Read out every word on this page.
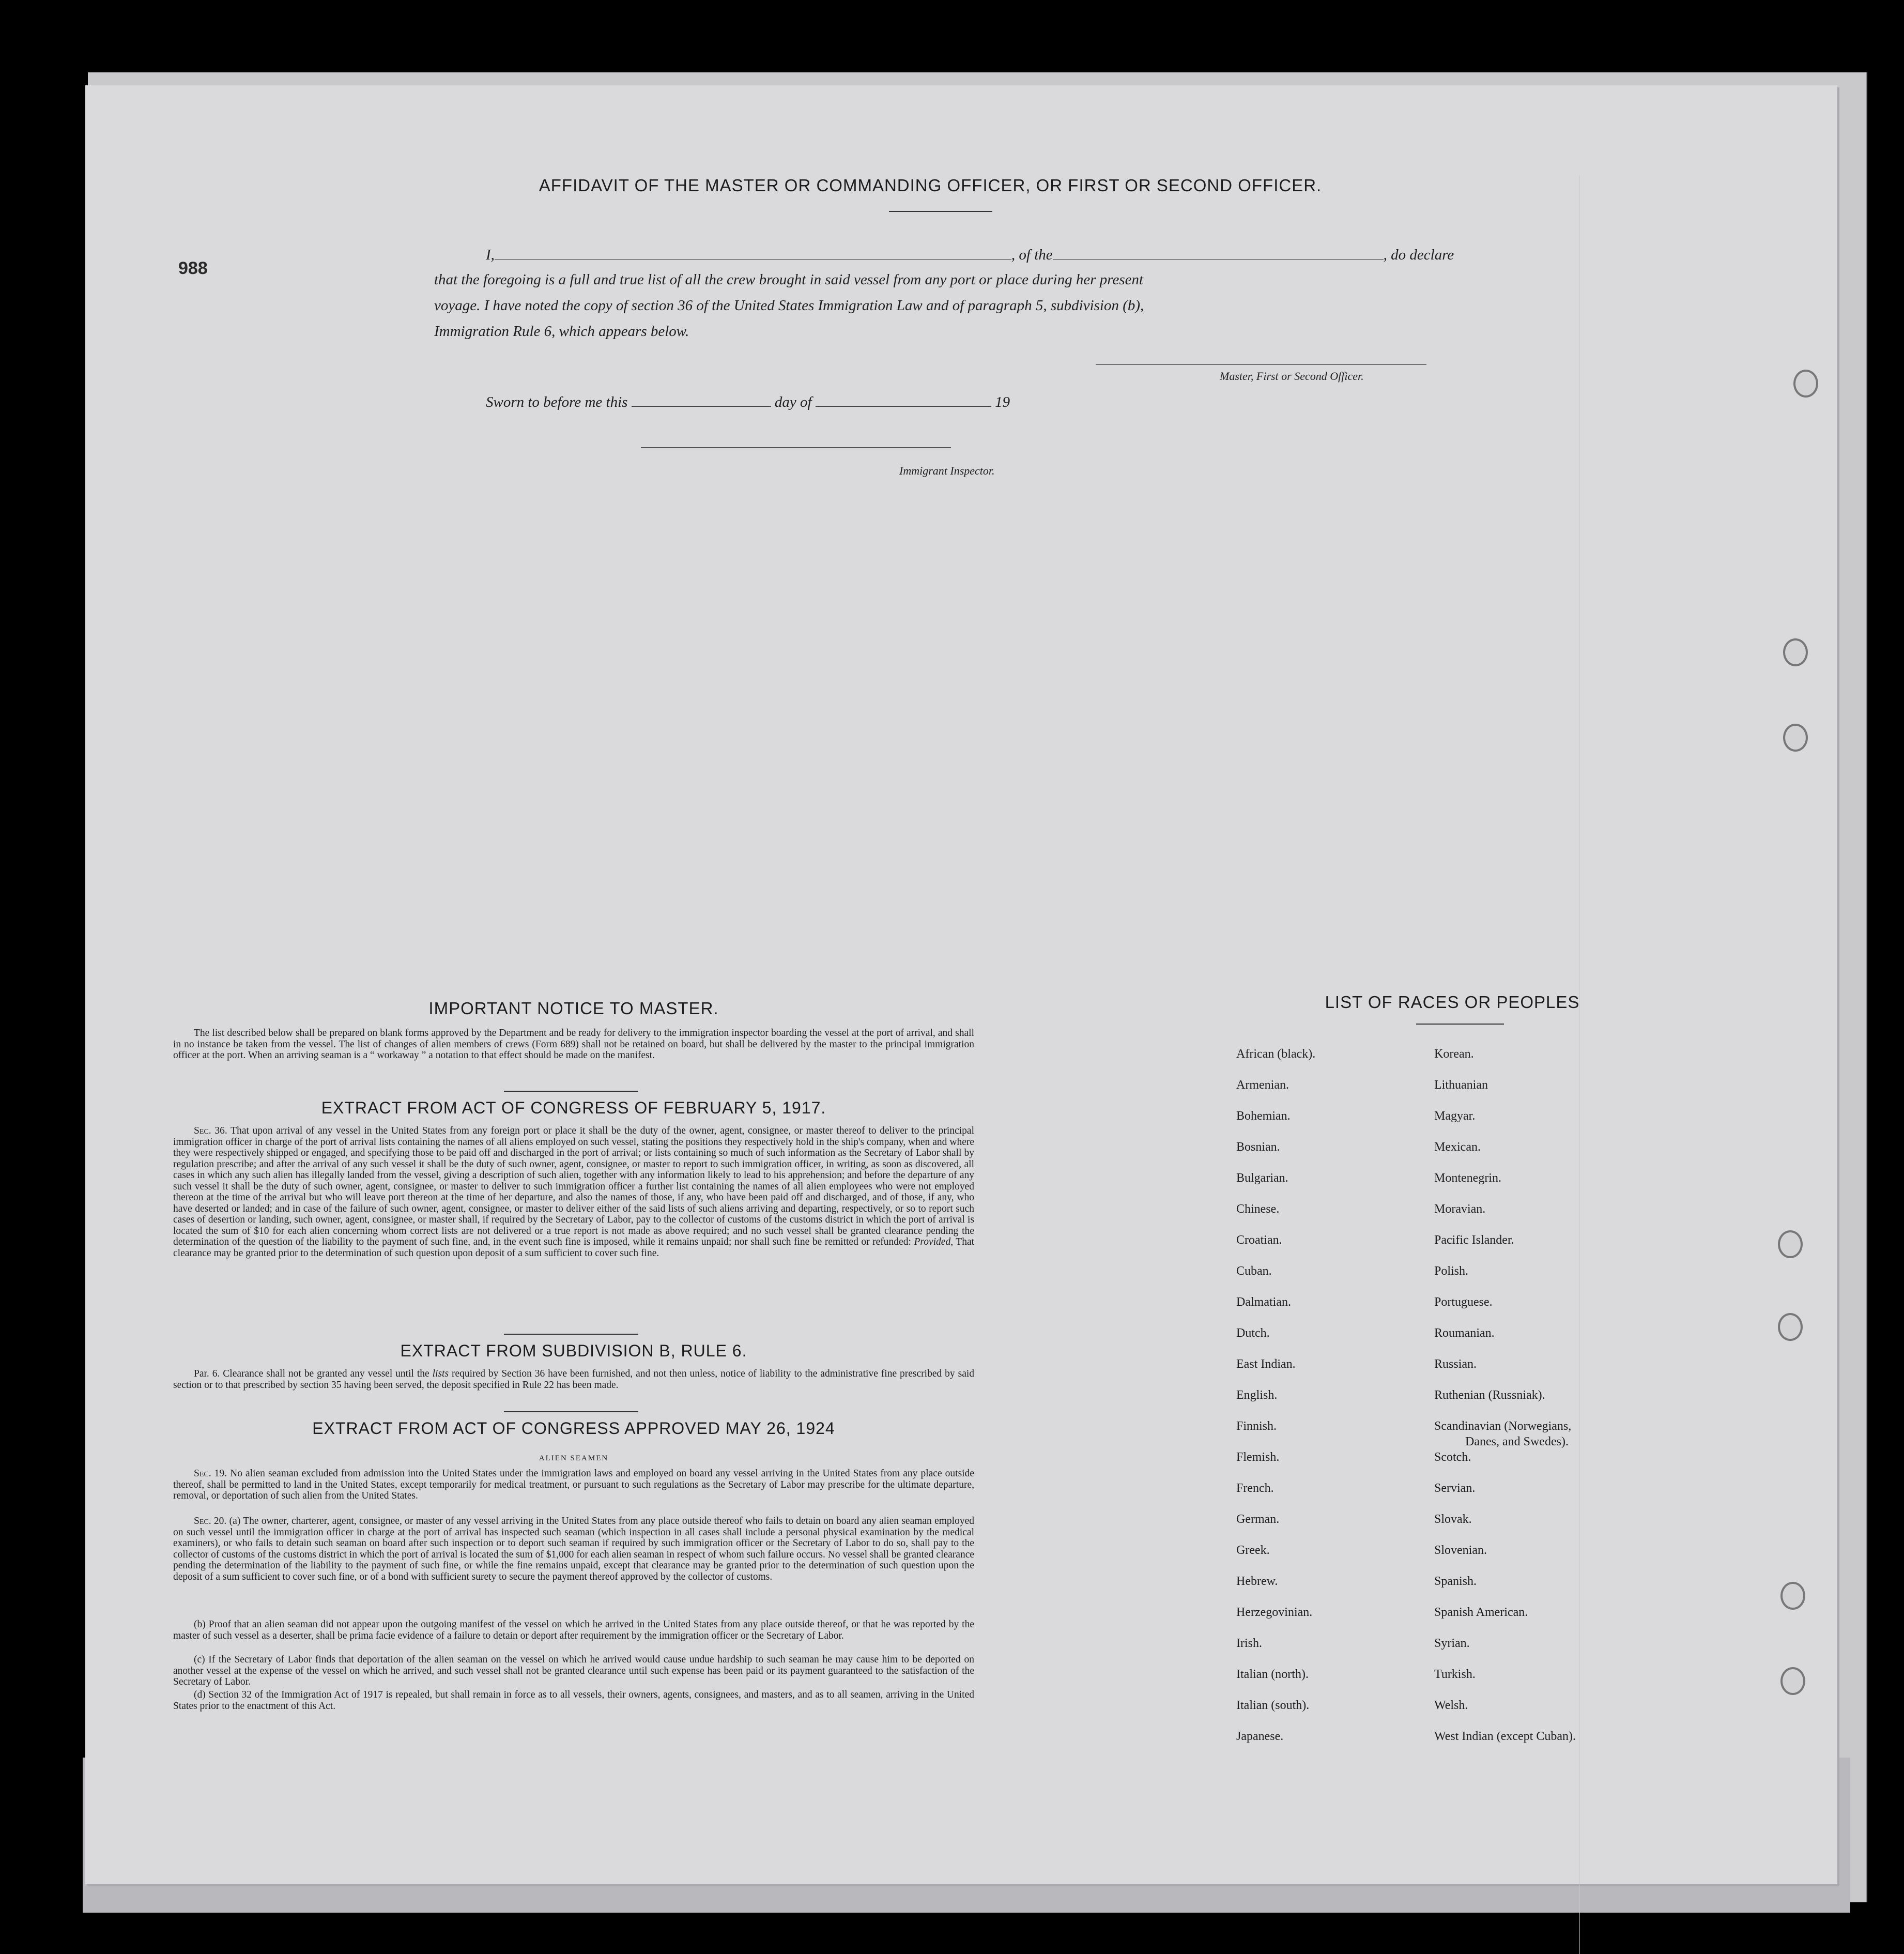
988
AFFIDAVIT OF THE MASTER OR COMMANDING OFFICER, OR FIRST OR SECOND OFFICER.
I,	, of the	, do declare
that the foregoing is a full and true list of all the crew brought in said vessel from any port or place during her present
voyage. I have noted the copy of section 36 of the United States Immigration Law and of paragraph 5, subdivision (b),
Immigration Rule 6, which appears below.
Master, First or Second Officer.
Sworn to before me this	day of	19
Immigrant Inspector.
IMPORTANT NOTICE TO MASTER.

The list described below shall be prepared on blank forms approved by the Department and be ready for delivery to the immigration inspector boarding the vessel at the port of arrival, and shall in no instance be taken from the vessel. The list of changes of alien members of crews (Form 689) shall not be retained on board, but shall be delivered by the master to the principal immigration officer at the port. When an arriving seaman is a “ workaway ” a notation to that effect should be made on the manifest.

EXTRACT FROM ACT OF CONGRESS OF FEBRUARY 5, 1917.

Sec. 36. That upon arrival of any vessel in the United States from any foreign port or place it shall be the duty of the owner, agent, consignee, or master thereof to deliver to the principal immigration officer in charge of the port of arrival lists containing the names of all aliens employed on such vessel, stating the positions they respectively hold in the ship's company, when and where they were respectively shipped or engaged, and specifying those to be paid off and discharged in the port of arrival; or lists containing so much of such information as the Secretary of Labor shall by regulation prescribe; and after the arrival of any such vessel it shall be the duty of such owner, agent, consignee, or master to report to such immigration officer, in writing, as soon as discovered, all cases in which any such alien has illegally landed from the vessel, giving a description of such alien, together with any information likely to lead to his apprehension; and before the departure of any such vessel it shall be the duty of such owner, agent, consignee, or master to deliver to such immigration officer a further list containing the names of all alien employees who were not employed thereon at the time of the arrival but who will leave port thereon at the time of her departure, and also the names of those, if any, who have been paid off and discharged, and of those, if any, who have deserted or landed; and in case of the failure of such owner, agent, consignee, or master to deliver either of the said lists of such aliens arriving and departing, respectively, or so to report such cases of desertion or landing, such owner, agent, consignee, or master shall, if required by the Secretary of Labor, pay to the collector of customs of the customs district in which the port of arrival is located the sum of $10 for each alien concerning whom correct lists are not delivered or a true report is not made as above required; and no such vessel shall be granted clearance pending the determination of the question of the liability to the payment of such fine, and, in the event such fine is imposed, while it remains unpaid; nor shall such fine be remitted or refunded: Provided, That clearance may be granted prior to the determination of such question upon deposit of a sum sufficient to cover such fine.

EXTRACT FROM SUBDIVISION B, RULE 6.

Par. 6. Clearance shall not be granted any vessel until the lists required by Section 36 have been furnished, and not then unless, notice of liability to the administrative fine prescribed by said section or to that prescribed by section 35 having been served, the deposit specified in Rule 22 has been made.

EXTRACT FROM ACT OF CONGRESS APPROVED MAY 26, 1924
ALIEN SEAMEN

Sec. 19. No alien seaman excluded from admission into the United States under the immigration laws and employed on board any vessel arriving in the United States from any place outside thereof, shall be permitted to land in the United States, except temporarily for medical treatment, or pursuant to such regulations as the Secretary of Labor may prescribe for the ultimate departure, removal, or deportation of such alien from the United States.

Sec. 20. (a) The owner, charterer, agent, consignee, or master of any vessel arriving in the United States from any place outside thereof who fails to detain on board any alien seaman employed on such vessel until the immigration officer in charge at the port of arrival has inspected such seaman (which inspection in all cases shall include a personal physical examination by the medical examiners), or who fails to detain such seaman on board after such inspection or to deport such seaman if required by such immigration officer or the Secretary of Labor to do so, shall pay to the collector of customs of the customs district in which the port of arrival is located the sum of $1,000 for each alien seaman in respect of whom such failure occurs. No vessel shall be granted clearance pending the determination of the liability to the payment of such fine, or while the fine remains unpaid, except that clearance may be granted prior to the determination of such question upon the deposit of a sum sufficient to cover such fine, or of a bond with sufficient surety to secure the payment thereof approved by the collector of customs.

(b) Proof that an alien seaman did not appear upon the outgoing manifest of the vessel on which he arrived in the United States from any place outside thereof, or that he was reported by the master of such vessel as a deserter, shall be prima facie evidence of a failure to detain or deport after requirement by the immigration officer or the Secretary of Labor.

(c) If the Secretary of Labor finds that deportation of the alien seaman on the vessel on which he arrived would cause undue hardship to such seaman he may cause him to be deported on another vessel at the expense of the vessel on which he arrived, and such vessel shall not be granted clearance until such expense has been paid or its payment guaranteed to the satisfaction of the Secretary of Labor.

(d) Section 32 of the Immigration Act of 1917 is repealed, but shall remain in force as to all vessels, their owners, agents, consignees, and masters, and as to all seamen, arriving in the United States prior to the enactment of this Act.

LIST OF RACES OR PEOPLES
African (black).
Armenian.
Bohemian.
Bosnian.
Bulgarian.
Chinese.
Croatian.
Cuban.
Dalmatian.
Dutch.
East Indian.
English.
Finnish.
Flemish.
French.
German.
Greek.
Hebrew.
Herzegovinian.
Irish.
Italian (north).
Italian (south).
Japanese.
Korean.
Lithuanian
Magyar.
Mexican.
Montenegrin.
Moravian.
Pacific Islander.
Polish.
Portuguese.
Roumanian.
Russian.
Ruthenian (Russniak).
Scandinavian (Norwegians,
Danes, and Swedes).
Scotch.
Servian.
Slovak.
Slovenian.
Spanish.
Spanish American.
Syrian.
Turkish.
Welsh.
West Indian (except Cuban).
